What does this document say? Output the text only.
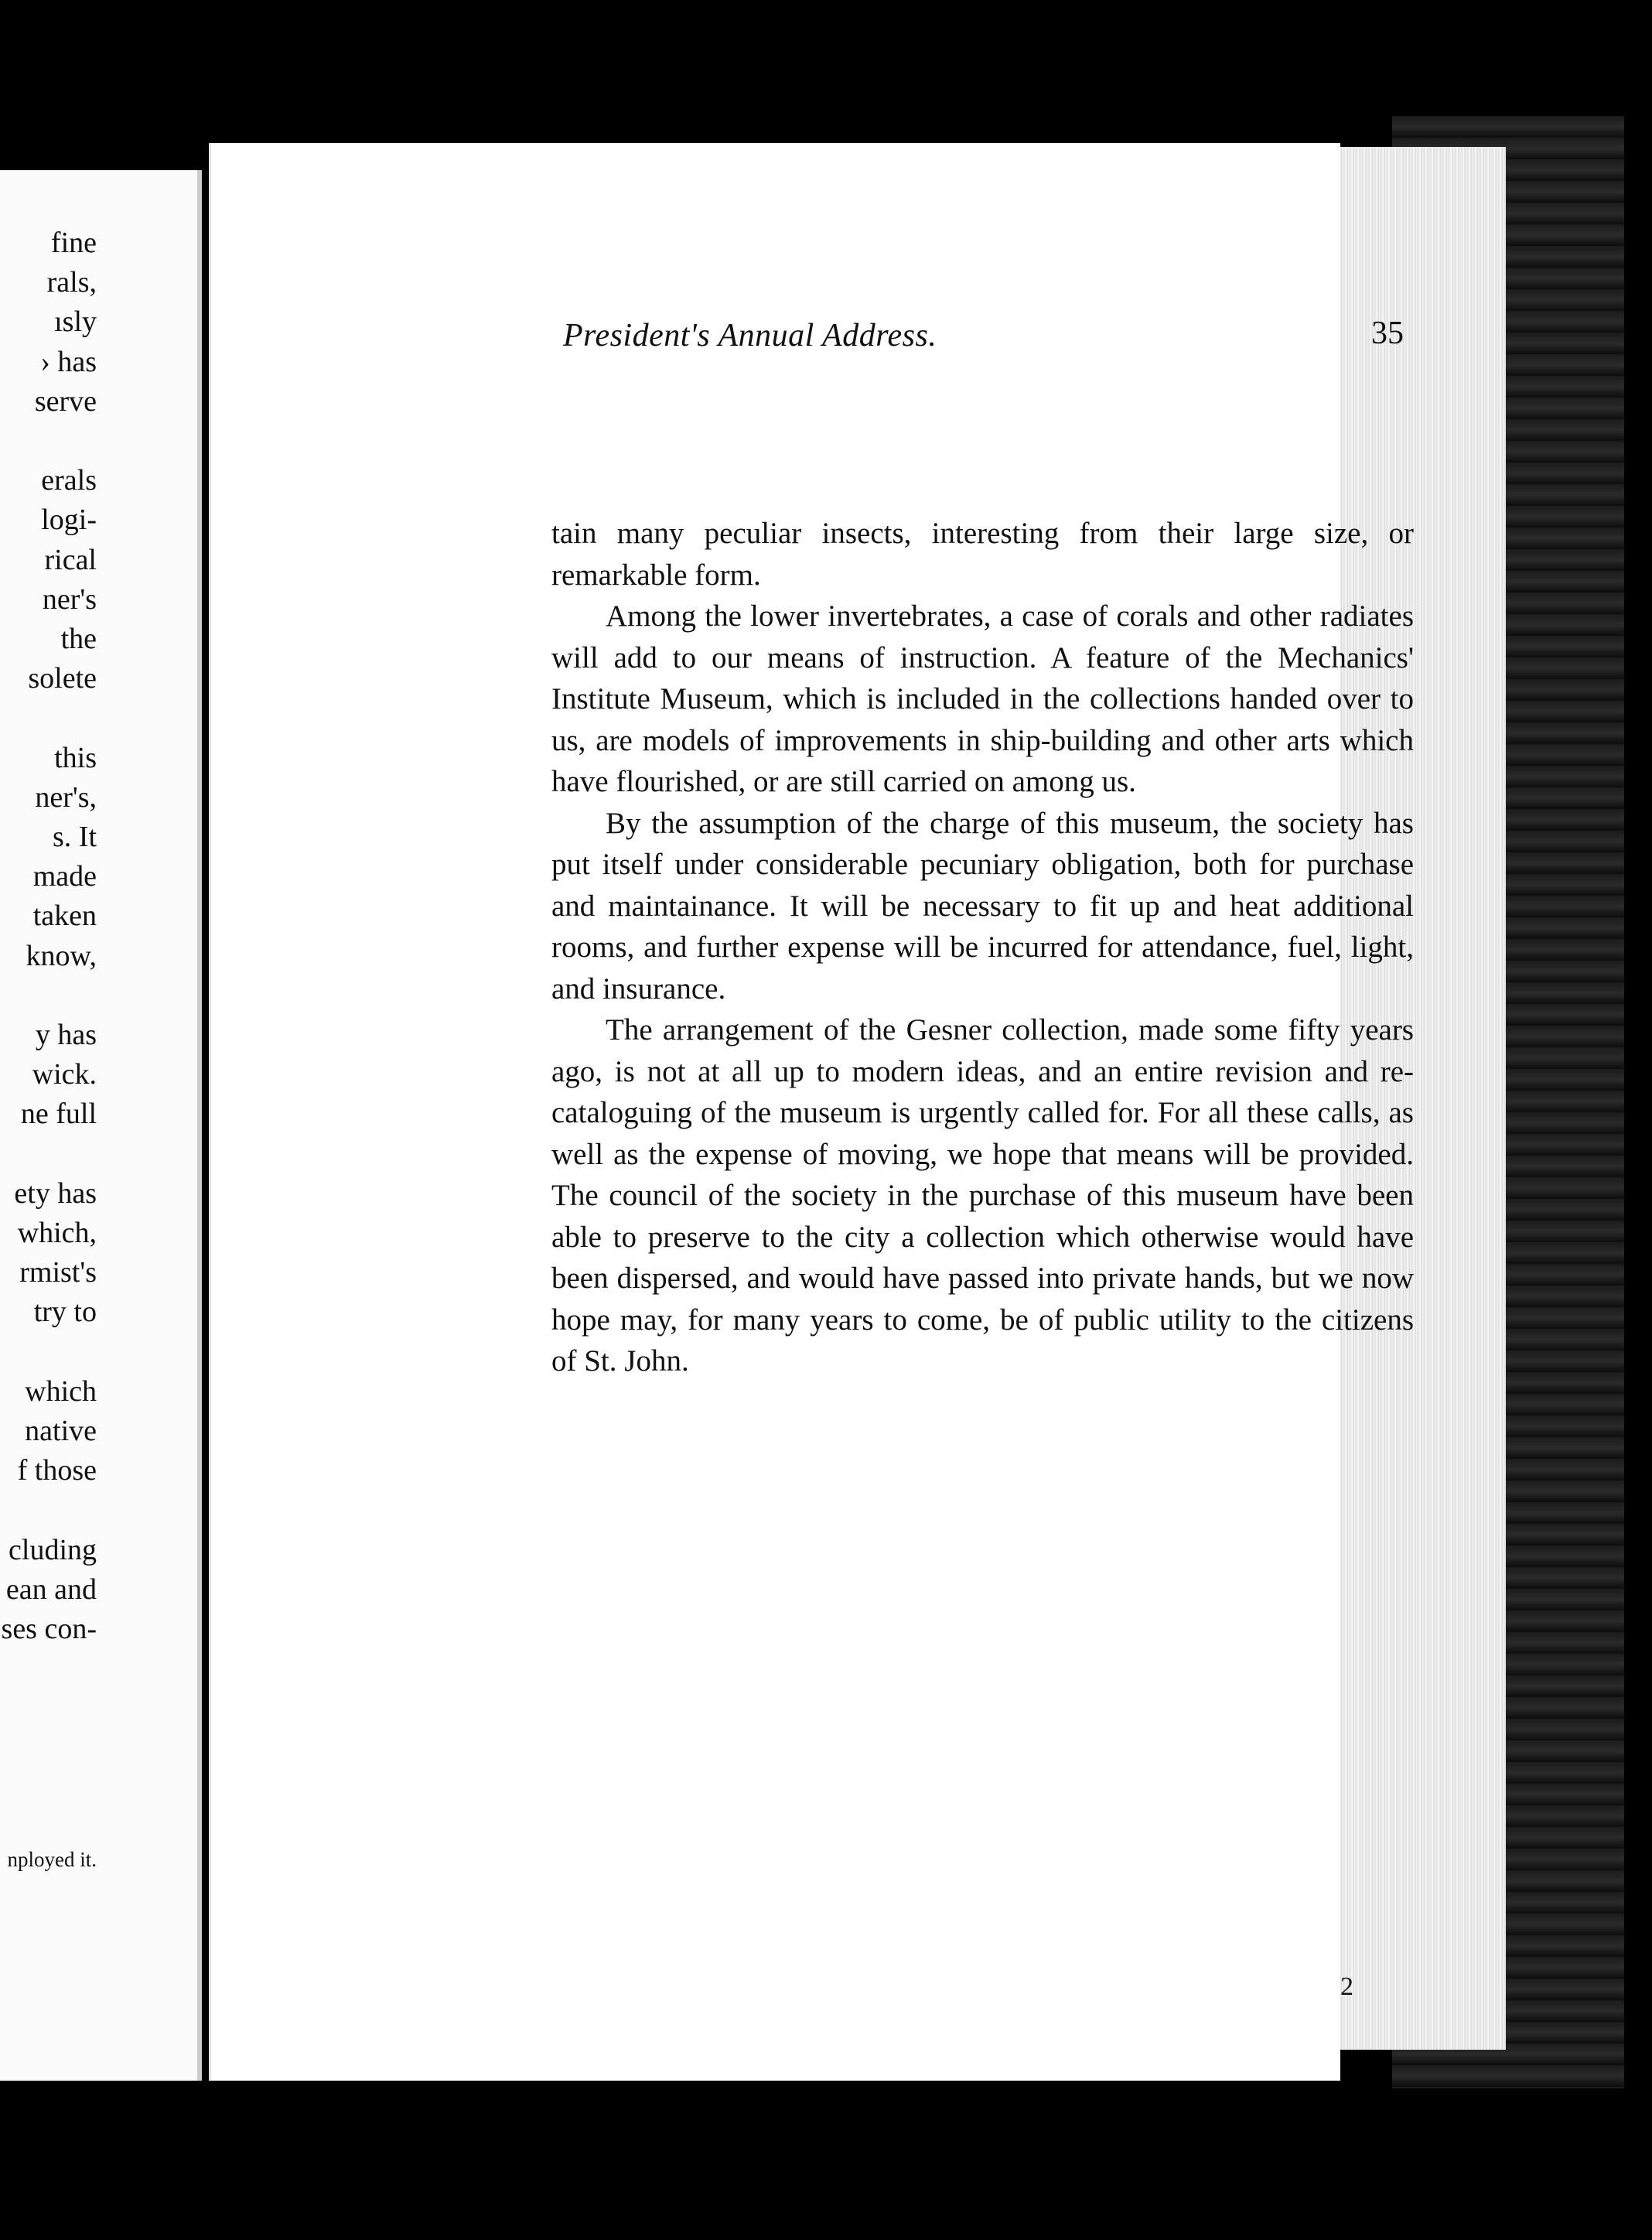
fine
rals,
ısly
› has
serve
erals
logi-
rical
ner's
the
solete
this
ner's,
s. It
made
taken
know,
y has
wick.
ne full
ety has
which,
rmist's
try to
which
native
f those
cluding
ean and
ses con-
nployed it.
President's Annual Address.	35

tain many peculiar insects, interesting from their large size, or remarkable form.

Among the lower invertebrates, a case of corals and other radiates will add to our means of instruction. A feature of the Mechanics' Institute Museum, which is included in the collections handed over to us, are models of improvements in ship-building and other arts which have flourished, or are still carried on among us.

By the assumption of the charge of this museum, the society has put itself under considerable pecuniary obligation, both for purchase and maintainance. It will be necessary to fit up and heat additional rooms, and further expense will be incurred for attendance, fuel, light, and insurance.

The arrangement of the Gesner collection, made some fifty years ago, is not at all up to modern ideas, and an entire revision and re-cataloguing of the museum is urgently called for. For all these calls, as well as the expense of moving, we hope that means will be provided. The council of the society in the purchase of this museum have been able to preserve to the city a collection which otherwise would have been dispersed, and would have passed into private hands, but we now hope may, for many years to come, be of public utility to the citizens of St. John.

2
